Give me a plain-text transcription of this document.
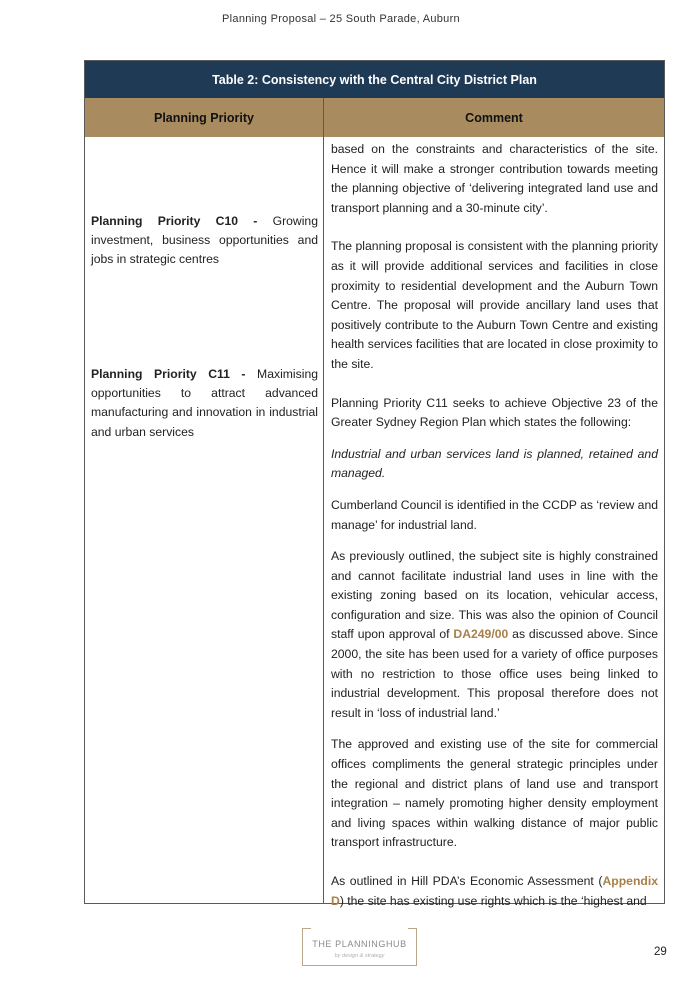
Planning Proposal – 25 South Parade, Auburn
Table 2: Consistency with the Central City District Plan
Planning Priority	Comment
Planning Priority C10 - Growing investment, business opportunities and jobs in strategic centres
Planning Priority C11 - Maximising opportunities to attract advanced manufacturing and innovation in industrial and urban services

based on the constraints and characteristics of the site. Hence it will make a stronger contribution towards meeting the planning objective of ‘delivering integrated land use and transport planning and a 30-minute city’.

The planning proposal is consistent with the planning priority as it will provide additional services and facilities in close proximity to residential development and the Auburn Town Centre. The proposal will provide ancillary land uses that positively contribute to the Auburn Town Centre and existing health services facilities that are located in close proximity to the site.

Planning Priority C11 seeks to achieve Objective 23 of the Greater Sydney Region Plan which states the following:

Industrial and urban services land is planned, retained and managed.

Cumberland Council is identified in the CCDP as ‘review and manage’ for industrial land.

As previously outlined, the subject site is highly constrained and cannot facilitate industrial land uses in line with the existing zoning based on its location, vehicular access, configuration and size. This was also the opinion of Council staff upon approval of DA249/00 as discussed above. Since 2000, the site has been used for a variety of office purposes with no restriction to those office uses being linked to industrial development. This proposal therefore does not result in ‘loss of industrial land.’

The approved and existing use of the site for commercial offices compliments the general strategic principles under the regional and district plans of land use and transport integration – namely promoting higher density employment and living spaces within walking distance of major public transport infrastructure.

As outlined in Hill PDA’s Economic Assessment (Appendix D) the site has existing use rights which is the ‘highest and

THE PLANNINGHUB
by design & strategy	29
